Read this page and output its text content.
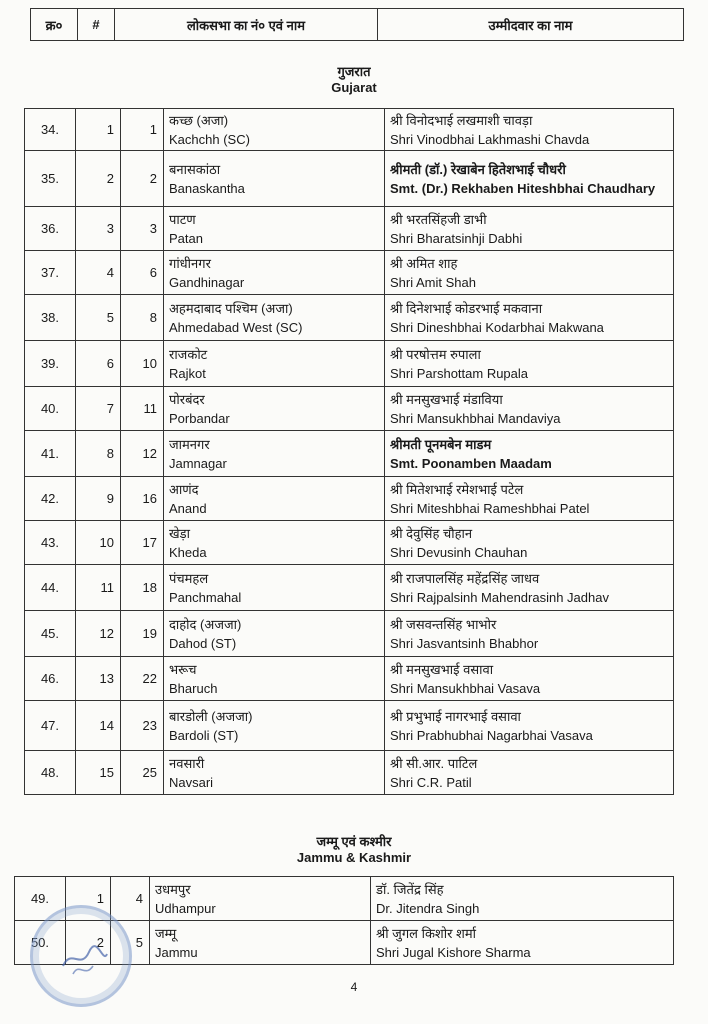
क्र०	#	लोकसभा का नं० एवं नाम	उम्मीदवार का नाम
गुजरात
Gujarat
34.	1	1	कच्छ (अजा)
Kachchh (SC)	श्री विनोदभाई लखमाशी चावड़ा
Shri Vinodbhai Lakhmashi Chavda

35.	2	2	बनासकांठा
Banaskantha	श्रीमती (डॉ.) रेखाबेन हितेशभाई चौधरी
Smt. (Dr.) Rekhaben Hiteshbhai Chaudhary

36.	3	3	पाटण
Patan	श्री भरतसिंहजी डाभी
Shri Bharatsinhji Dabhi

37.	4	6	गांधीनगर
Gandhinagar	श्री अमित शाह
Shri Amit Shah

38.	5	8	अहमदाबाद पश्चिम (अजा)
Ahmedabad West (SC)	श्री दिनेशभाई कोडरभाई मकवाना
Shri Dineshbhai Kodarbhai Makwana

39.	6	10	राजकोट
Rajkot	श्री परषोत्तम रुपाला
Shri Parshottam Rupala

40.	7	11	पोरबंदर
Porbandar	श्री मनसुखभाई मंडाविया
Shri Mansukhbhai Mandaviya

41.	8	12	जामनगर
Jamnagar	श्रीमती पूनमबेन माडम
Smt. Poonamben Maadam

42.	9	16	आणंद
Anand	श्री मितेशभाई रमेशभाई पटेल
Shri Miteshbhai Rameshbhai Patel

43.	10	17	खेड़ा
Kheda	श्री देवुसिंह चौहान
Shri Devusinh Chauhan

44.	11	18	पंचमहल
Panchmahal	श्री राजपालसिंह महेंद्रसिंह जाधव
Shri Rajpalsinh Mahendrasinh Jadhav

45.	12	19	दाहोद (अजजा)
Dahod (ST)	श्री जसवन्तसिंह भाभोर
Shri Jasvantsinh Bhabhor

46.	13	22	भरूच
Bharuch	श्री मनसुखभाई वसावा
Shri Mansukhbhai Vasava

47.	14	23	बारडोली (अजजा)
Bardoli (ST)	श्री प्रभुभाई नागरभाई वसावा
Shri Prabhubhai Nagarbhai Vasava

48.	15	25	नवसारी
Navsari	श्री सी.आर. पाटिल
Shri C.R. Patil
जम्मू एवं कश्मीर
Jammu & Kashmir
49.	1	4	उधमपुर
Udhampur	डॉ. जितेंद्र सिंह
Dr. Jitendra Singh

50.	2	5	जम्मू
Jammu	श्री जुगल किशोर शर्मा
Shri Jugal Kishore Sharma
4
